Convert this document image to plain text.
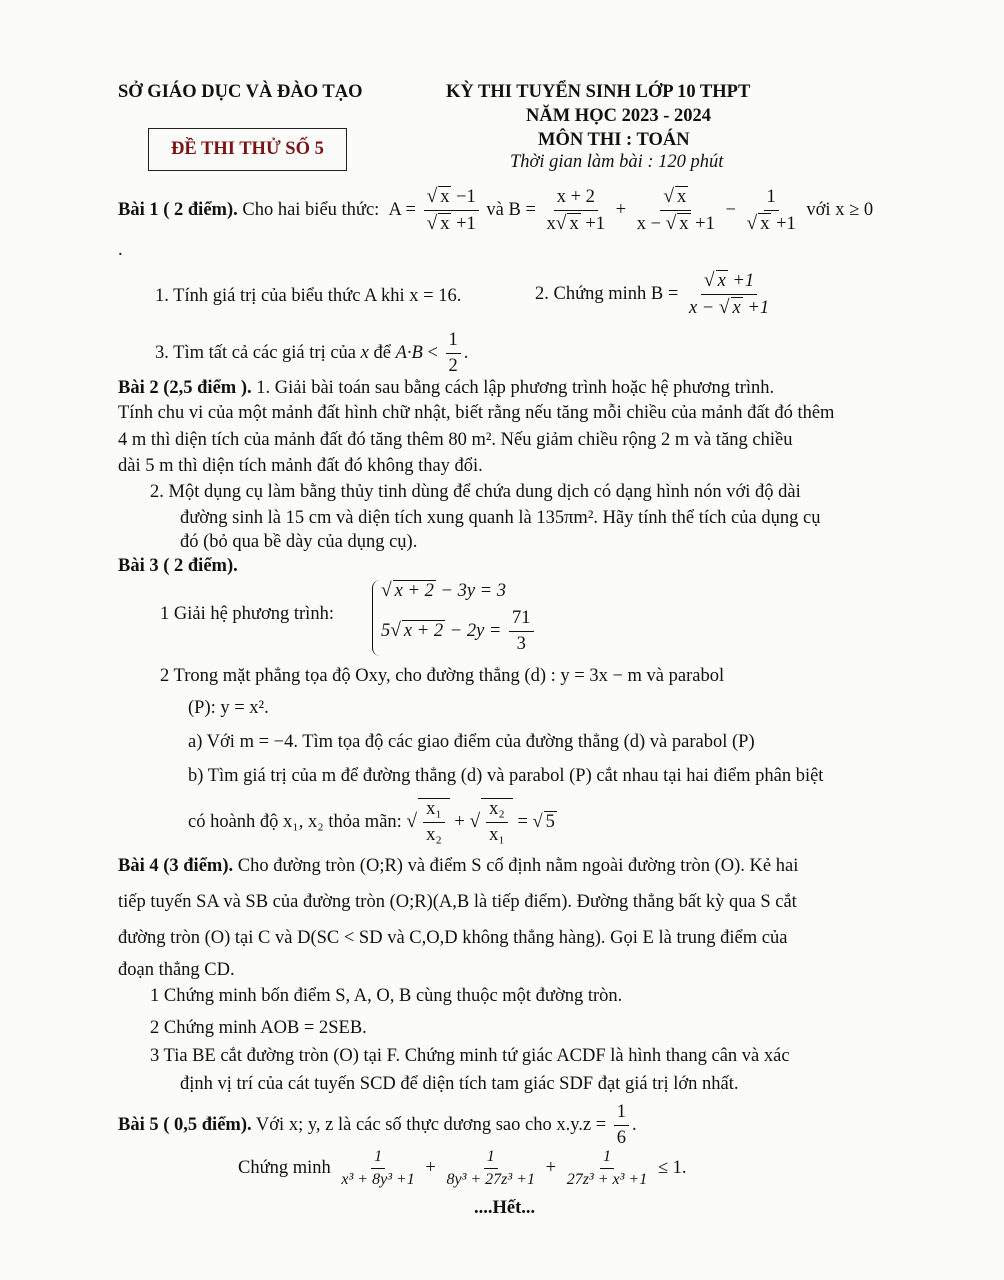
SỞ GIÁO DỤC VÀ ĐÀO TẠO	KỲ THI TUYỂN SINH LỚP 10 THPT
NĂM HỌC 2023 - 2024
MÔN THI : TOÁN
Thời gian làm bài : 120 phút
ĐỀ THI THỬ SỐ 5
Bài 1 ( 2 điểm). Cho hai biểu thức:  $A = \frac{√ x -1}{√ x +1}$ và $B = \frac{x + 2}{x√ x +1} + \frac{√ x}{x - √ x +1} - \frac{1}{√ x +1}$ với x ≥ 0
.
1. Tính giá trị của biểu thức A khi x = 16.	2. Chứng minh $B = \frac{√ x +1}{x - √ x +1}$
3. Tìm tất cả các giá trị của x để $A\cdot B < \frac{1}{2}$ .
Bài 2 (2,5 điểm ). 1. Giải bài toán sau bằng cách lập phương trình hoặc hệ phương trình.
Tính chu vi của một mảnh đất hình chữ nhật, biết rằng nếu tăng mỗi chiều của mảnh đất đó thêm
4 m thì diện tích của mảnh đất đó tăng thêm 80 m². Nếu giảm chiều rộng 2 m và tăng chiều
dài 5 m thì diện tích mảnh đất đó không thay đổi.
2. Một dụng cụ làm bằng thủy tinh dùng để chứa dung dịch có dạng hình nón với độ dài
đường sinh là 15 cm và diện tích xung quanh là 135πm². Hãy tính thể tích của dụng cụ
đó (bỏ qua bề dày của dụng cụ).
Bài 3 ( 2 điểm).
1 Giải hệ phương trình:
√ x + 2 − 3y = 3
5√ $x + 2 - 2y = \frac{71}{3}$
2 Trong mặt phẳng tọa độ Oxy, cho đường thẳng (d) : y = 3x − m và parabol
(P): y = x².
a) Với m = −4. Tìm tọa độ các giao điểm của đường thẳng (d) và parabol (P)
b) Tìm giá trị của m để đường thẳng (d) và parabol (P) cắt nhau tại hai điểm phân biệt
có hoành độ x₁, x₂ thỏa mãn: √ $\frac{\text{x₁}}{\text{x₂}}$ + √ $\frac{\text{x₂}}{\text{x₁}}$ = √ 5
Bài 4 (3 điểm). Cho đường tròn (O;R) và điểm S cố định nằm ngoài đường tròn (O). Kẻ hai
tiếp tuyến SA và SB của đường tròn (O;R)(A,B là tiếp điểm). Đường thẳng bất kỳ qua S cắt
đường tròn (O) tại C và D(SC < SD và C,O,D không thẳng hàng). Gọi E là trung điểm của
đoạn thẳng CD.
1 Chứng minh bốn điểm S, A, O, B cùng thuộc một đường tròn.
2 Chứng minh AOB = 2SEB.
3 Tia BE cắt đường tròn (O) tại F. Chứng minh tứ giác ACDF là hình thang cân và xác
định vị trí của cát tuyến SCD để diện tích tam giác SDF đạt giá trị lớn nhất.
Bài 5 ( 0,5 điểm). Với x; y, z là các số thực dương sao cho $x.y.z = \frac{1}{6}$ .
Chứng minh $\frac{1}{\text{x³ + 8y³ +1}} + \frac{1}{\text{8y³ + 27z³ +1}} + \frac{1}{\text{27z³ + x³ +1}} \le 1$.
....Hết...
